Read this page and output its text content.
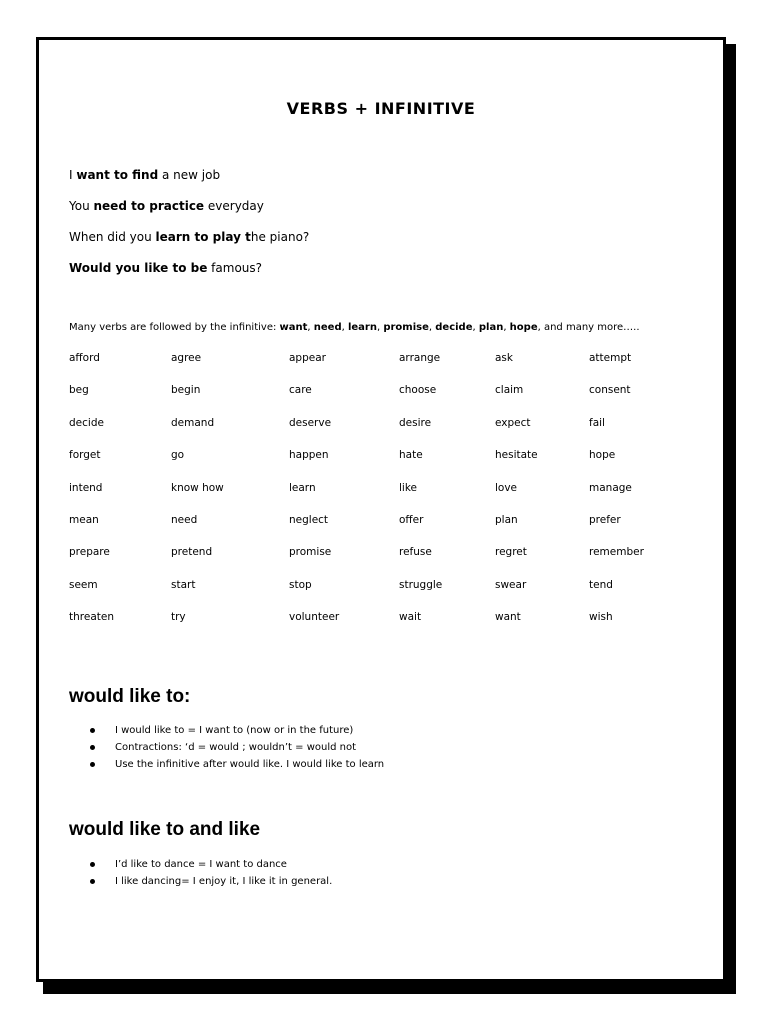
VERBS + INFINITIVE
I want to find a new job
You need to practice everyday
When did you learn to play the piano?
Would you like to be famous?
Many verbs are followed by the infinitive: want, need, learn, promise, decide, plan, hope, and many more…..
afford	agree	appear	arrange	ask	attempt
beg	begin	care	choose	claim	consent
decide	demand	deserve	desire	expect	fail
forget	go	happen	hate	hesitate	hope
intend	know how	learn	like	love	manage
mean	need	neglect	offer	plan	prefer
prepare	pretend	promise	refuse	regret	remember
seem	start	stop	struggle	swear	tend
threaten	try	volunteer	wait	want	wish
would like to:
I would like to = I want to (now or in the future)
Contractions: ‘d = would ; wouldn’t = would not
Use the infinitive after would like. I would like to learn
would like to and like
I’d like to dance = I want to dance
I like dancing= I enjoy it, I like it in general.
